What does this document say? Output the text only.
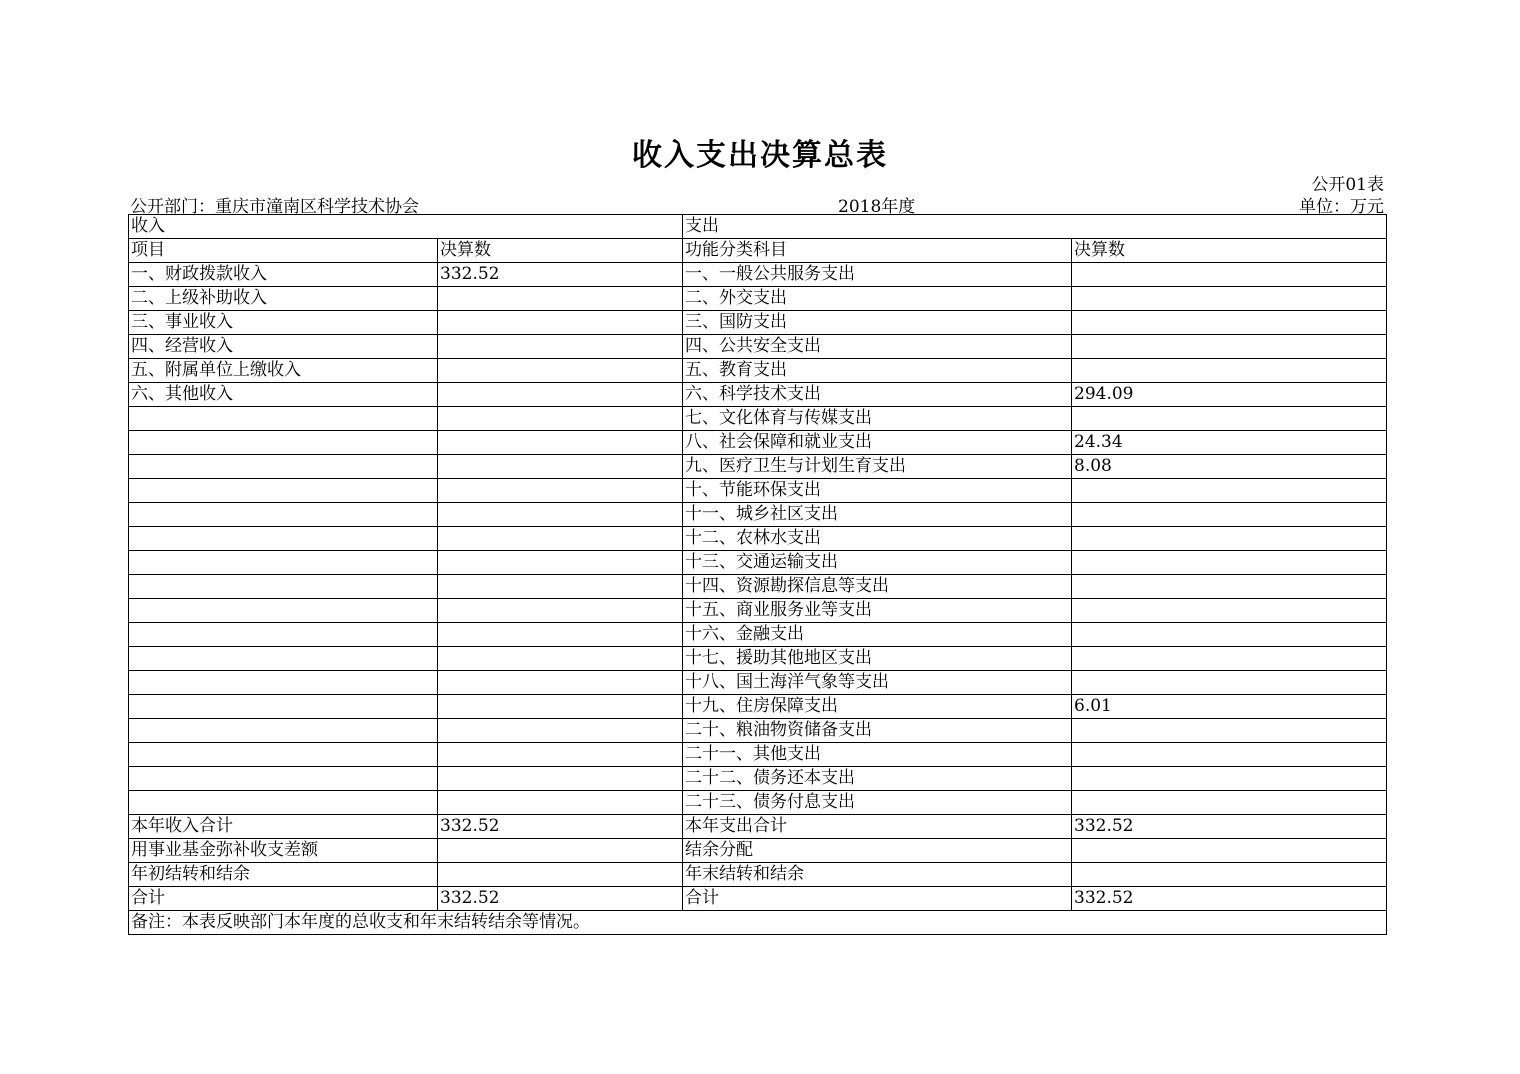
收入支出决算总表
公开01表
公开部门：重庆市潼南区科学技术协会	2018年度	单位：万元
收入		支出	
项目	决算数	功能分类科目	决算数
一、财政拨款收入	332.52	一、一般公共服务支出	
二、上级补助收入		二、外交支出	
三、事业收入		三、国防支出	
四、经营收入		四、公共安全支出	
五、附属单位上缴收入		五、教育支出	
六、其他收入		六、科学技术支出	294.09
		七、文化体育与传媒支出	
		八、社会保障和就业支出	24.34
		九、医疗卫生与计划生育支出	8.08
		十、节能环保支出	
		十一、城乡社区支出	
		十二、农林水支出	
		十三、交通运输支出	
		十四、资源勘探信息等支出	
		十五、商业服务业等支出	
		十六、金融支出	
		十七、援助其他地区支出	
		十八、国土海洋气象等支出	
		十九、住房保障支出	6.01
		二十、粮油物资储备支出	
		二十一、其他支出	
		二十二、债务还本支出	
		二十三、债务付息支出	
本年收入合计	332.52	本年支出合计	332.52
用事业基金弥补收支差额		结余分配	
年初结转和结余		年末结转和结余	
合计	332.52	合计	332.52
备注：本表反映部门本年度的总收支和年末结转结余等情况。			
